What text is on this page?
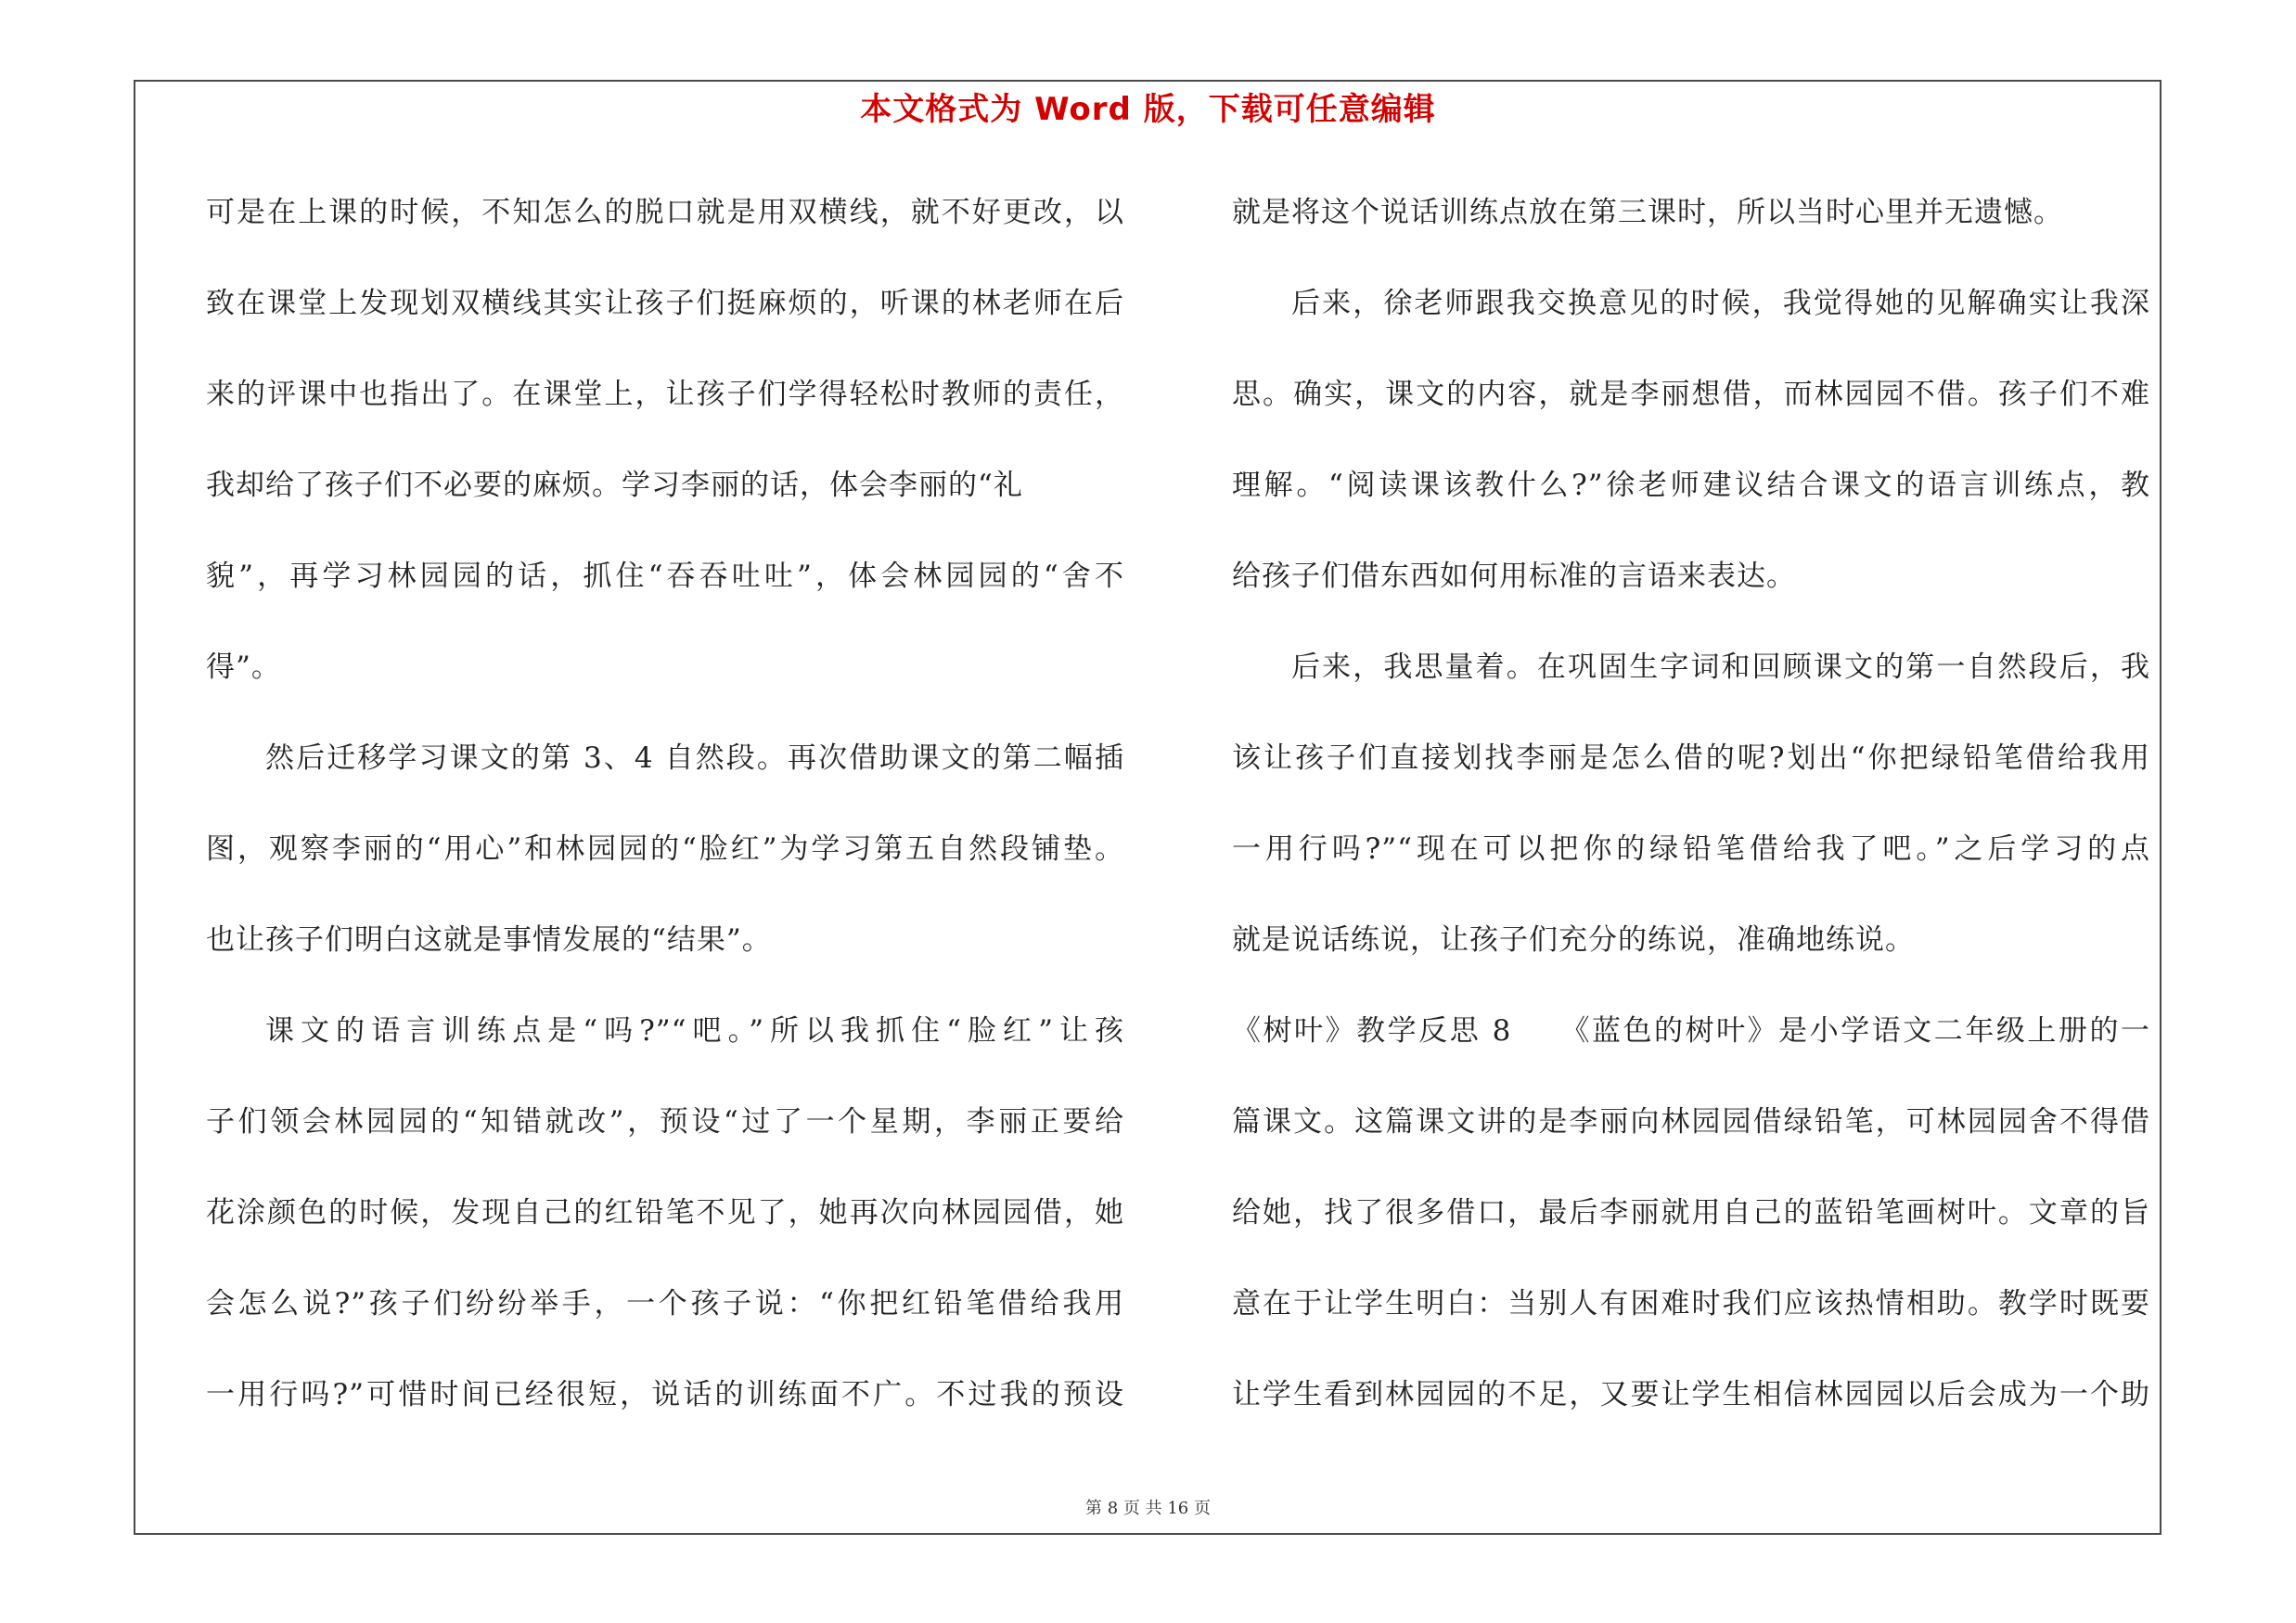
本文格式为 Word 版，下载可任意编辑
可是在上课的时候，不知怎么的脱口就是用双横线，就不好更改，以
致在课堂上发现划双横线其实让孩子们挺麻烦的，听课的林老师在后
来的评课中也指出了。在课堂上，让孩子们学得轻松时教师的责任，
我却给了孩子们不必要的麻烦。学习李丽的话，体会李丽的“礼
貌”，再学习林园园的话，抓住“吞吞吐吐”，体会林园园的“舍不
得”。
然后迁移学习课文的第 3、4 自然段。再次借助课文的第二幅插
图，观察李丽的“用心”和林园园的“脸红”为学习第五自然段铺垫。
也让孩子们明白这就是事情发展的“结果”。
课文的语言训练点是“吗?”“吧。”所以我抓住“脸红”让孩
子们领会林园园的“知错就改”，预设“过了一个星期，李丽正要给
花涂颜色的时候，发现自己的红铅笔不见了，她再次向林园园借，她
会怎么说?”孩子们纷纷举手，一个孩子说：“你把红铅笔借给我用
一用行吗?”可惜时间已经很短，说话的训练面不广。不过我的预设
就是将这个说话训练点放在第三课时，所以当时心里并无遗憾。
后来，徐老师跟我交换意见的时候，我觉得她的见解确实让我深
思。确实，课文的内容，就是李丽想借，而林园园不借。孩子们不难
理解。“阅读课该教什么?”徐老师建议结合课文的语言训练点，教
给孩子们借东西如何用标准的言语来表达。
后来，我思量着。在巩固生字词和回顾课文的第一自然段后，我
该让孩子们直接划找李丽是怎么借的呢?划出“你把绿铅笔借给我用
一用行吗?”“现在可以把你的绿铅笔借给我了吧。”之后学习的点
就是说话练说，让孩子们充分的练说，准确地练说。
《树叶》教学反思 8　　《蓝色的树叶》是小学语文二年级上册的一
篇课文。这篇课文讲的是李丽向林园园借绿铅笔，可林园园舍不得借
给她，找了很多借口，最后李丽就用自己的蓝铅笔画树叶。文章的旨
意在于让学生明白：当别人有困难时我们应该热情相助。教学时既要
让学生看到林园园的不足，又要让学生相信林园园以后会成为一个助
第 8 页 共 16 页
